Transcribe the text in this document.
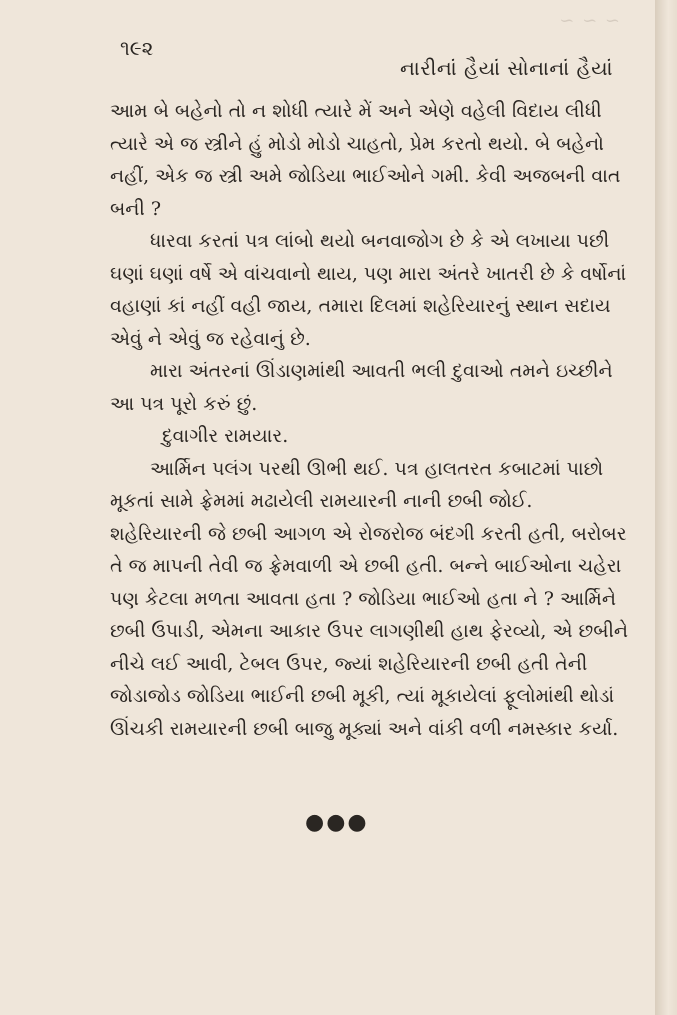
~ ~ ~
૧૯૨
નારીનાં હૈયાં સોનાનાં હૈયાં

આમ બે બહેનો તો ન શોધી ત્યારે મેં અને એણે વહેલી વિદાય લીધી ત્યારે એ જ સ્ત્રીને હું મોડો મોડો ચાહતો, પ્રેમ કરતો થયો. બે બહેનો નહીં, એક જ સ્ત્રી અમે જોડિયા ભાઈઓને ગમી. કેવી અજબની વાત બની ?

ધારવા કરતાં પત્ર લાંબો થયો બનવાજોગ છે કે એ લખાયા પછી ઘણાં ઘણાં વર્ષે એ વાંચવાનો થાય, પણ મારા અંતરે ખાતરી છે કે વર્ષોનાં વહાણાં કાં નહીં વહી જાય, તમારા દિલમાં શહેરિયારનું સ્થાન સદાય એવું ને એવું જ રહેવાનું છે.

મારા અંતરનાં ઊંડાણમાંથી આવતી ભલી દુવાઓ તમને ઇચ્છીને આ પત્ર પૂરો કરું છું.

દુવાગીર રામયાર.

આર્મિન પલંગ પરથી ઊભી થઈ. પત્ર હાલતરત કબાટમાં પાછો મૂકતાં સામે ફ્રેમમાં મઢાયેલી રામયારની નાની છબી જોઈ. શહેરિયારની જે છબી આગળ એ રોજરોજ બંદગી કરતી હતી, બરોબર તે જ માપની તેવી જ ફ્રેમવાળી એ છબી હતી. બન્ને બાઈઓના ચહેરા પણ કેટલા મળતા આવતા હતા ? જોડિયા ભાઈઓ હતા ને ? આર્મિને છબી ઉપાડી, એમના આકાર ઉપર લાગણીથી હાથ ફેરવ્યો, એ છબીને નીચે લઈ આવી, ટેબલ ઉપર, જ્યાં શહેરિયારની છબી હતી તેની જોડાજોડ જોડિયા ભાઈની છબી મૂકી, ત્યાં મૂકાયેલાં ફૂલોમાંથી થોડાં ઊંચકી રામયારની છબી બાજુ મૂક્યાં અને વાંકી વળી નમસ્કાર કર્યા.

●●●
